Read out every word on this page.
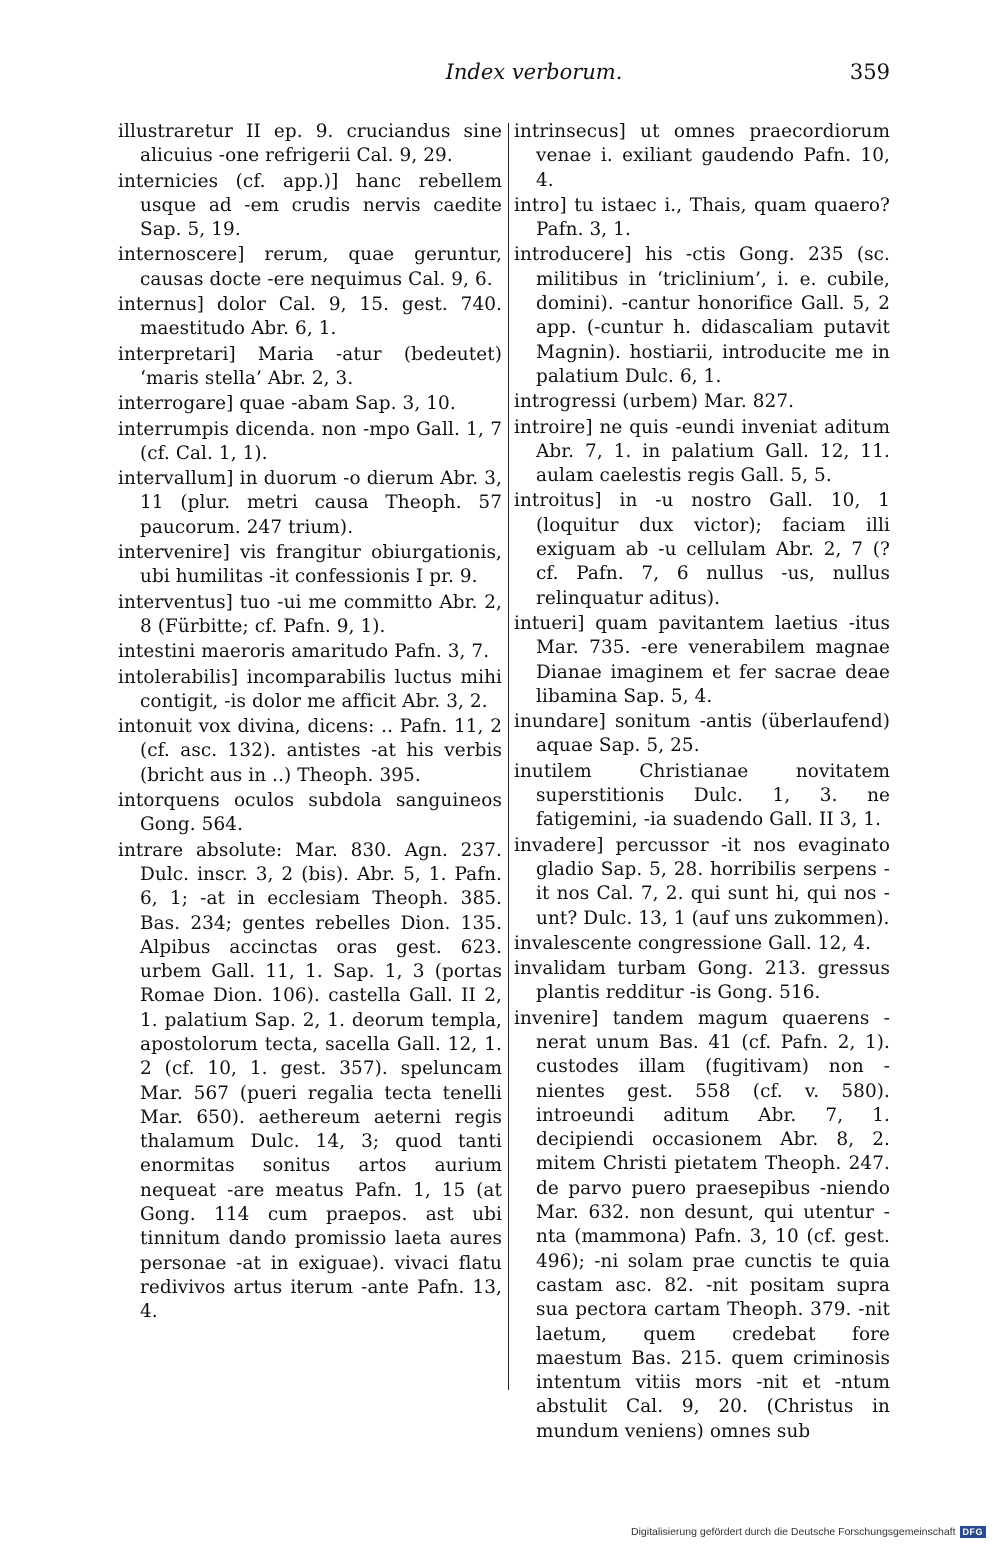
Index verborum.	359

illustraretur II ep. 9. cruciandus sine alicuius -one refrigerii Cal. 9, 29.

internicies (cf. app.)] hanc rebellem usque ad -em crudis nervis caedite Sap. 5, 19.

internoscere] rerum, quae geruntur, causas docte -ere nequimus Cal. 9, 6.

internus] dolor Cal. 9, 15. gest. 740. maestitudo Abr. 6, 1.

interpretari] Maria -atur (bedeutet) ‘maris stella’ Abr. 2, 3.

interrogare] quae -abam Sap. 3, 10.

interrumpis dicenda. non -mpo Gall. 1, 7 (cf. Cal. 1, 1).

intervallum] in duorum -o dierum Abr. 3, 11 (plur. metri causa Theoph. 57 paucorum. 247 trium).

intervenire] vis frangitur obiurgationis, ubi humilitas -it confessionis I pr. 9.

interventus] tuo -ui me committo Abr. 2, 8 (Fürbitte; cf. Pafn. 9, 1).

intestini maeroris amaritudo Pafn. 3, 7.

intolerabilis] incomparabilis luctus mihi contigit, -is dolor me afficit Abr. 3, 2.

intonuit vox divina, dicens: .. Pafn. 11, 2 (cf. asc. 132). antistes -at his verbis (bricht aus in ..) Theoph. 395.

intorquens oculos subdola sanguineos Gong. 564.

intrare absolute: Mar. 830. Agn. 237. Dulc. inscr. 3, 2 (bis). Abr. 5, 1. Pafn. 6, 1; -at in ecclesiam Theoph. 385. Bas. 234; gentes rebelles Dion. 135. Alpibus accinctas oras gest. 623. urbem Gall. 11, 1. Sap. 1, 3 (portas Romae Dion. 106). castella Gall. II 2, 1. palatium Sap. 2, 1. deorum templa, apostolorum tecta, sacella Gall. 12, 1. 2 (cf. 10, 1. gest. 357). speluncam Mar. 567 (pueri regalia tecta tenelli Mar. 650). aethereum aeterni regis thalamum Dulc. 14, 3; quod tanti enormitas sonitus artos aurium nequeat -are meatus Pafn. 1, 15 (at Gong. 114 cum praepos. ast ubi tinnitum dando promissio laeta aures personae -at in exiguae). vivaci flatu redivivos artus iterum -ante Pafn. 13, 4.

intrinsecus] ut omnes praecordiorum venae i. exiliant gaudendo Pafn. 10, 4.

intro] tu istaec i., Thais, quam quaero? Pafn. 3, 1.

introducere] his -ctis Gong. 235 (sc. militibus in ‘triclinium’, i. e. cubile, domini). -cantur honorifice Gall. 5, 2 app. (-cuntur h. didascaliam putavit Magnin). hostiarii, introducite me in palatium Dulc. 6, 1.

introgressi (urbem) Mar. 827.

introire] ne quis -eundi inveniat aditum Abr. 7, 1. in palatium Gall. 12, 11. aulam caelestis regis Gall. 5, 5.

introitus] in -u nostro Gall. 10, 1 (loquitur dux victor); faciam illi exiguam ab -u cellulam Abr. 2, 7 (? cf. Pafn. 7, 6 nullus -us, nullus relinquatur aditus).

intueri] quam pavitantem laetius -itus Mar. 735. -ere venerabilem magnae Dianae imaginem et fer sacrae deae libamina Sap. 5, 4.

inundare] sonitum -antis (überlaufend) aquae Sap. 5, 25.

inutilem Christianae novitatem superstitionis Dulc. 1, 3. ne fatigemini, -ia suadendo Gall. II 3, 1.

invadere] percussor -it nos evaginato gladio Sap. 5, 28. horribilis serpens -it nos Cal. 7, 2. qui sunt hi, qui nos -unt? Dulc. 13, 1 (auf uns zukommen).

invalescente congressione Gall. 12, 4.

invalidam turbam Gong. 213. gressus plantis redditur -is Gong. 516.

invenire] tandem magum quaerens -nerat unum Bas. 41 (cf. Pafn. 2, 1). custodes illam (fugitivam) non -nientes gest. 558 (cf. v. 580). introeundi aditum Abr. 7, 1. decipiendi occasionem Abr. 8, 2. mitem Christi pietatem Theoph. 247. de parvo puero praesepibus -niendo Mar. 632. non desunt, qui utentur -nta (mammona) Pafn. 3, 10 (cf. gest. 496); -ni solam prae cunctis te quia castam asc. 82. -nit positam supra sua pectora cartam Theoph. 379. -nit laetum, quem credebat fore maestum Bas. 215. quem criminosis intentum vitiis mors -nit et -ntum abstulit Cal. 9, 20. (Christus in mundum veniens) omnes sub

Digitalisierung gefördert durch die Deutsche Forschungsgemeinschaft DFG
